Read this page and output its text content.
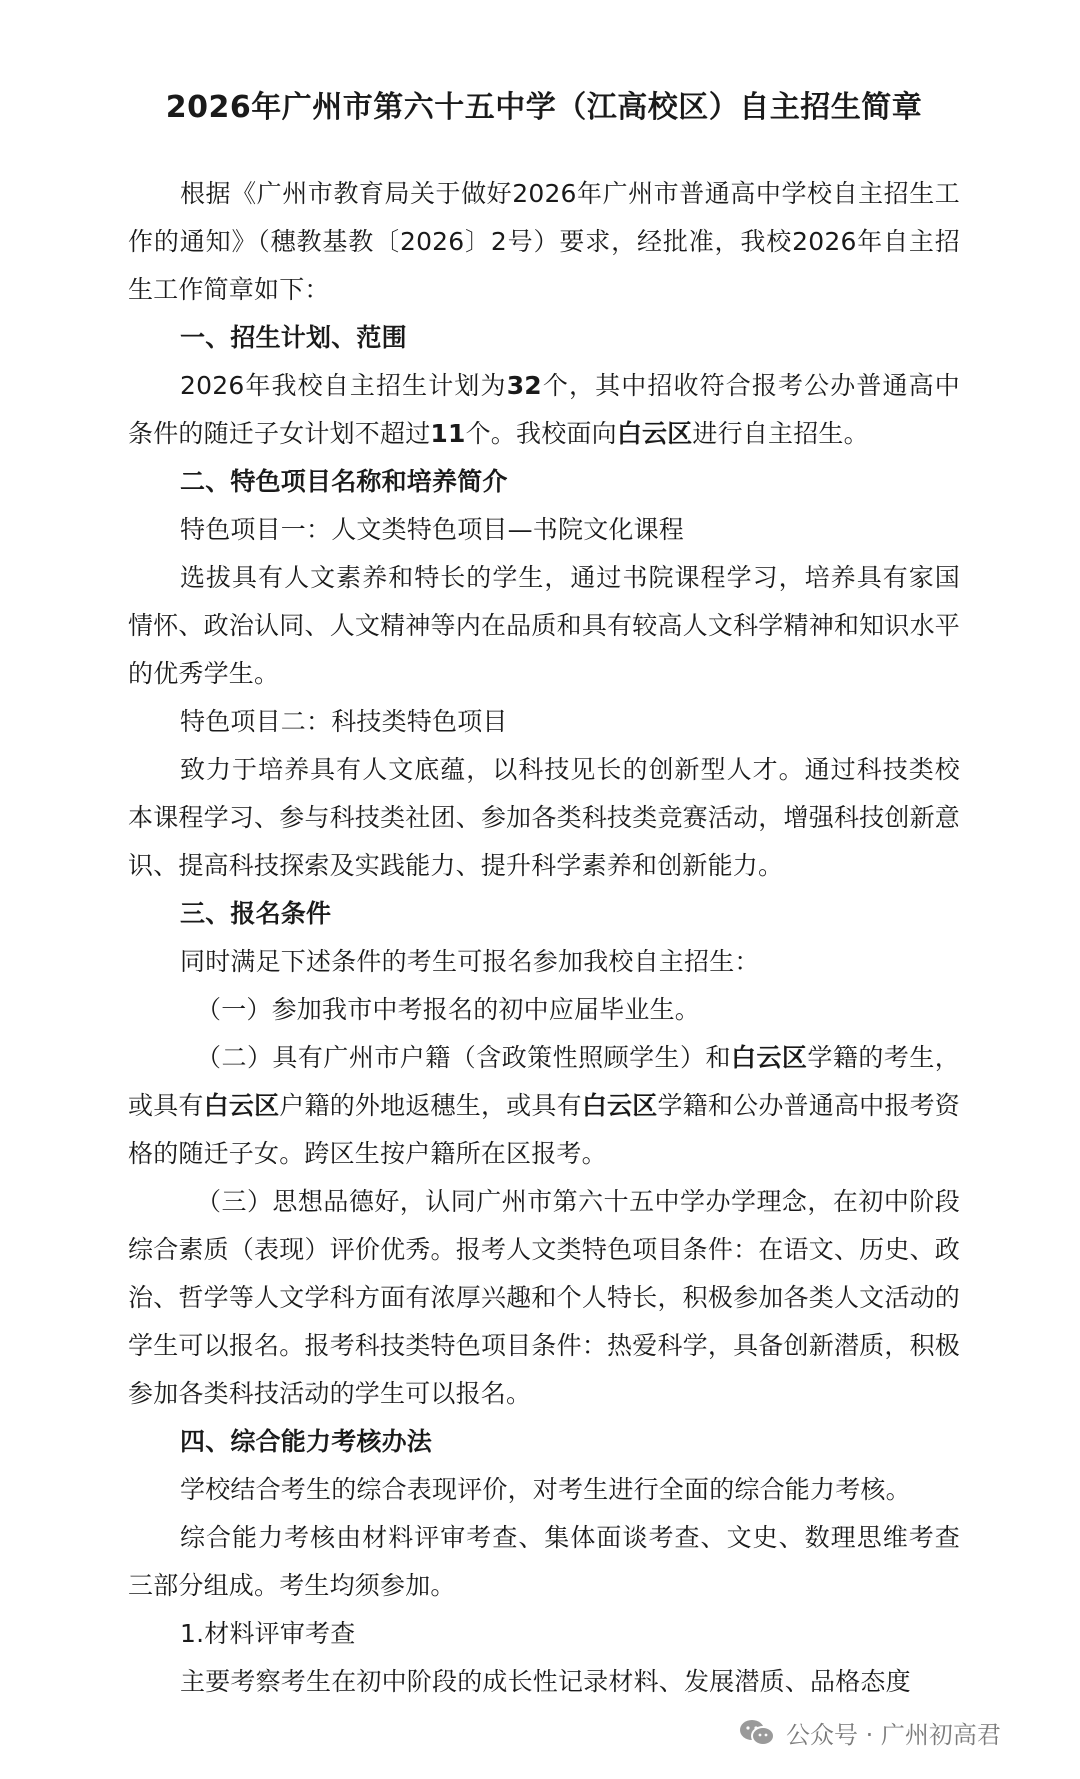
2026年广州市第六十五中学（江高校区）自主招生简章

根据《广州市教育局关于做好2026年广州市普通高中学校自主招生工作的通知》（穗教基教〔2026〕2号）要求，经批准，我校2026年自主招生工作简章如下：

一、招生计划、范围

2026年我校自主招生计划为32个，其中招收符合报考公办普通高中条件的随迁子女计划不超过11个。我校面向白云区进行自主招生。

二、特色项目名称和培养简介

特色项目一：人文类特色项目—书院文化课程

选拔具有人文素养和特长的学生，通过书院课程学习，培养具有家国情怀、政治认同、人文精神等内在品质和具有较高人文科学精神和知识水平的优秀学生。

特色项目二：科技类特色项目

致力于培养具有人文底蕴，以科技见长的创新型人才。通过科技类校本课程学习、参与科技类社团、参加各类科技类竞赛活动，增强科技创新意识、提高科技探索及实践能力、提升科学素养和创新能力。

三、报名条件

同时满足下述条件的考生可报名参加我校自主招生：

（一）参加我市中考报名的初中应届毕业生。

（二）具有广州市户籍（含政策性照顾学生）和白云区学籍的考生，或具有白云区户籍的外地返穗生，或具有白云区学籍和公办普通高中报考资格的随迁子女。跨区生按户籍所在区报考。

（三）思想品德好，认同广州市第六十五中学办学理念，在初中阶段综合素质（表现）评价优秀。报考人文类特色项目条件：在语文、历史、政治、哲学等人文学科方面有浓厚兴趣和个人特长，积极参加各类人文活动的学生可以报名。报考科技类特色项目条件：热爱科学，具备创新潜质，积极参加各类科技活动的学生可以报名。

四、综合能力考核办法

学校结合考生的综合表现评价，对考生进行全面的综合能力考核。

综合能力考核由材料评审考查、集体面谈考查、文史、数理思维考查三部分组成。考生均须参加。

1.材料评审考查

主要考察考生在初中阶段的成长性记录材料、发展潜质、品格态度

公众号 · 广州初高君
